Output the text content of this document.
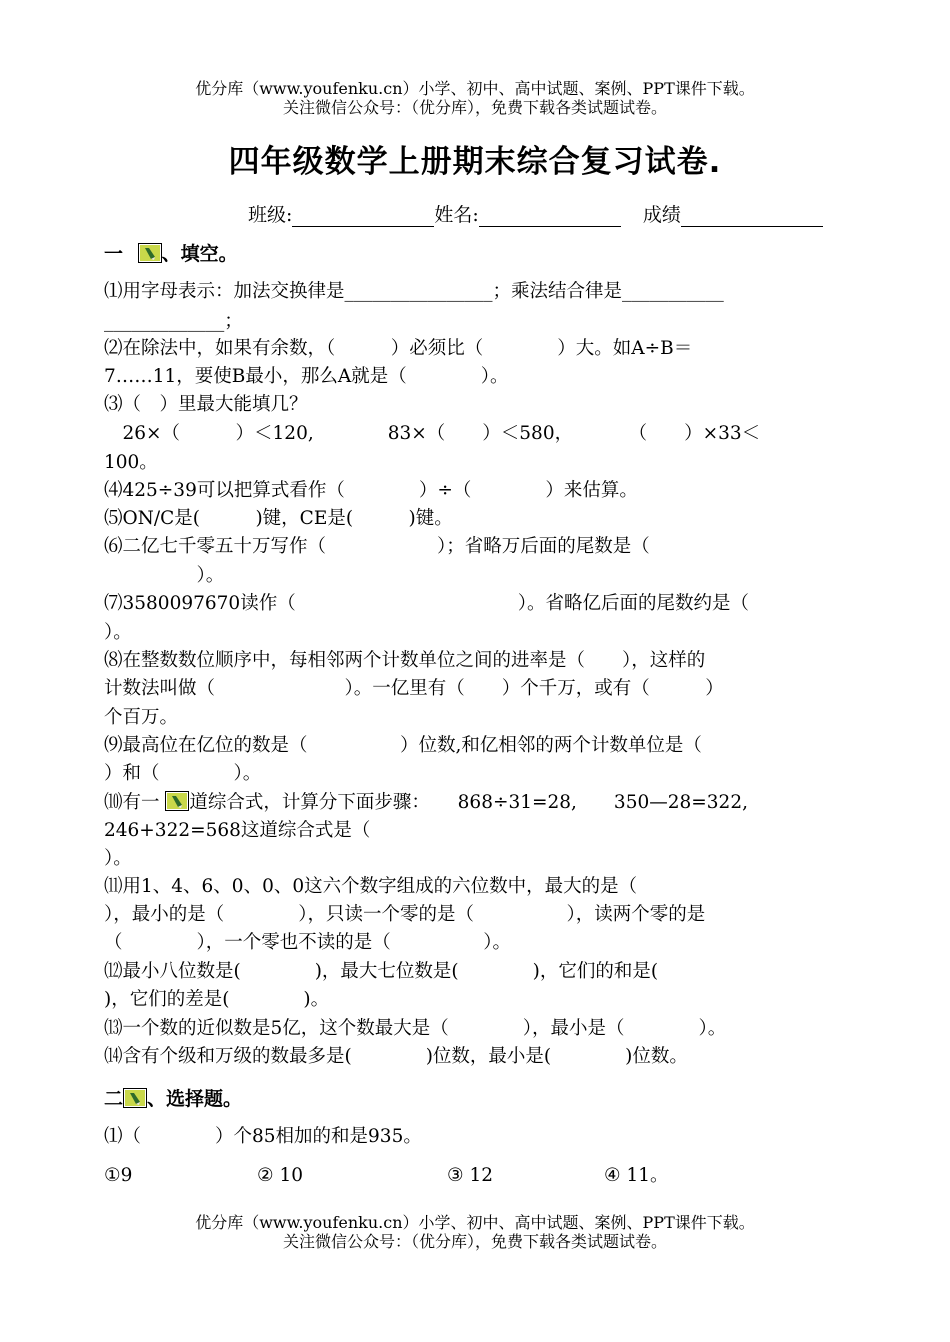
优分库（www.youfenku.cn）小学、初中、高中试题、案例、PPT课件下载。
关注微信公众号：（优分库），免费下载各类试题试卷。
四年级数学上册期末综合复习试卷.
班级:	姓名:	成绩
一 、填空。
⑴用字母表示：加法交换律是________________；乘法结合律是___________
_____________；
⑵在除法中，如果有余数，（　　　）必须比（　　　　）大。如A÷B＝
7……11，要使B最小，那么A就是（　　　　）。
⑶（　）里最大能填几？
　26×（　　　）＜120,　　　　83×（　　）＜580，　　　　（　　）×33＜
100。
⑷425÷39可以把算式看作（　　　　）÷（　　　　）来估算。
⑸ON/C是(　　　)键，CE是(　　　)键。
⑹二亿七千零五十万写作（　　　　　　）；省略万后面的尾数是（
　　　　　）。
⑺3580097670读作（　　　　　　　　　　　　）。省略亿后面的尾数约是（
）。
⑻在整数数位顺序中，每相邻两个计数单位之间的进率是（　　），这样的
计数法叫做（　　　　　　　）。一亿里有（　　）个千万，或有（　　　）
个百万。
⑼最高位在亿位的数是（　　　　　）位数,和亿相邻的两个计数单位是（
）和（　　　　）。
⑽有一 道综合式，计算分下面步骤：　　868÷31=28,　　350—28=322,
246+322=568这道综合式是（
）。
⑾用1、4、6、0、0、0这六个数字组成的六位数中，最大的是（
），最小的是（　　　　），只读一个零的是（　　　　　），读两个零的是
（　　　　），一个零也不读的是（　　　　　）。
⑿最小八位数是(　　　　)，最大七位数是(　　　　)，它们的和是(
)，它们的差是(　　　　)。
⒀一个数的近似数是5亿，这个数最大是（　　　　），最小是（　　　　）。
⒁含有个级和万级的数最多是(　　　　)位数，最小是(　　　　)位数。
二 、选择题。
⑴（　　　　）个85相加的和是935。
①9	② 10	③ 12	④ 11。
优分库（www.youfenku.cn）小学、初中、高中试题、案例、PPT课件下载。
关注微信公众号：（优分库），免费下载各类试题试卷。
